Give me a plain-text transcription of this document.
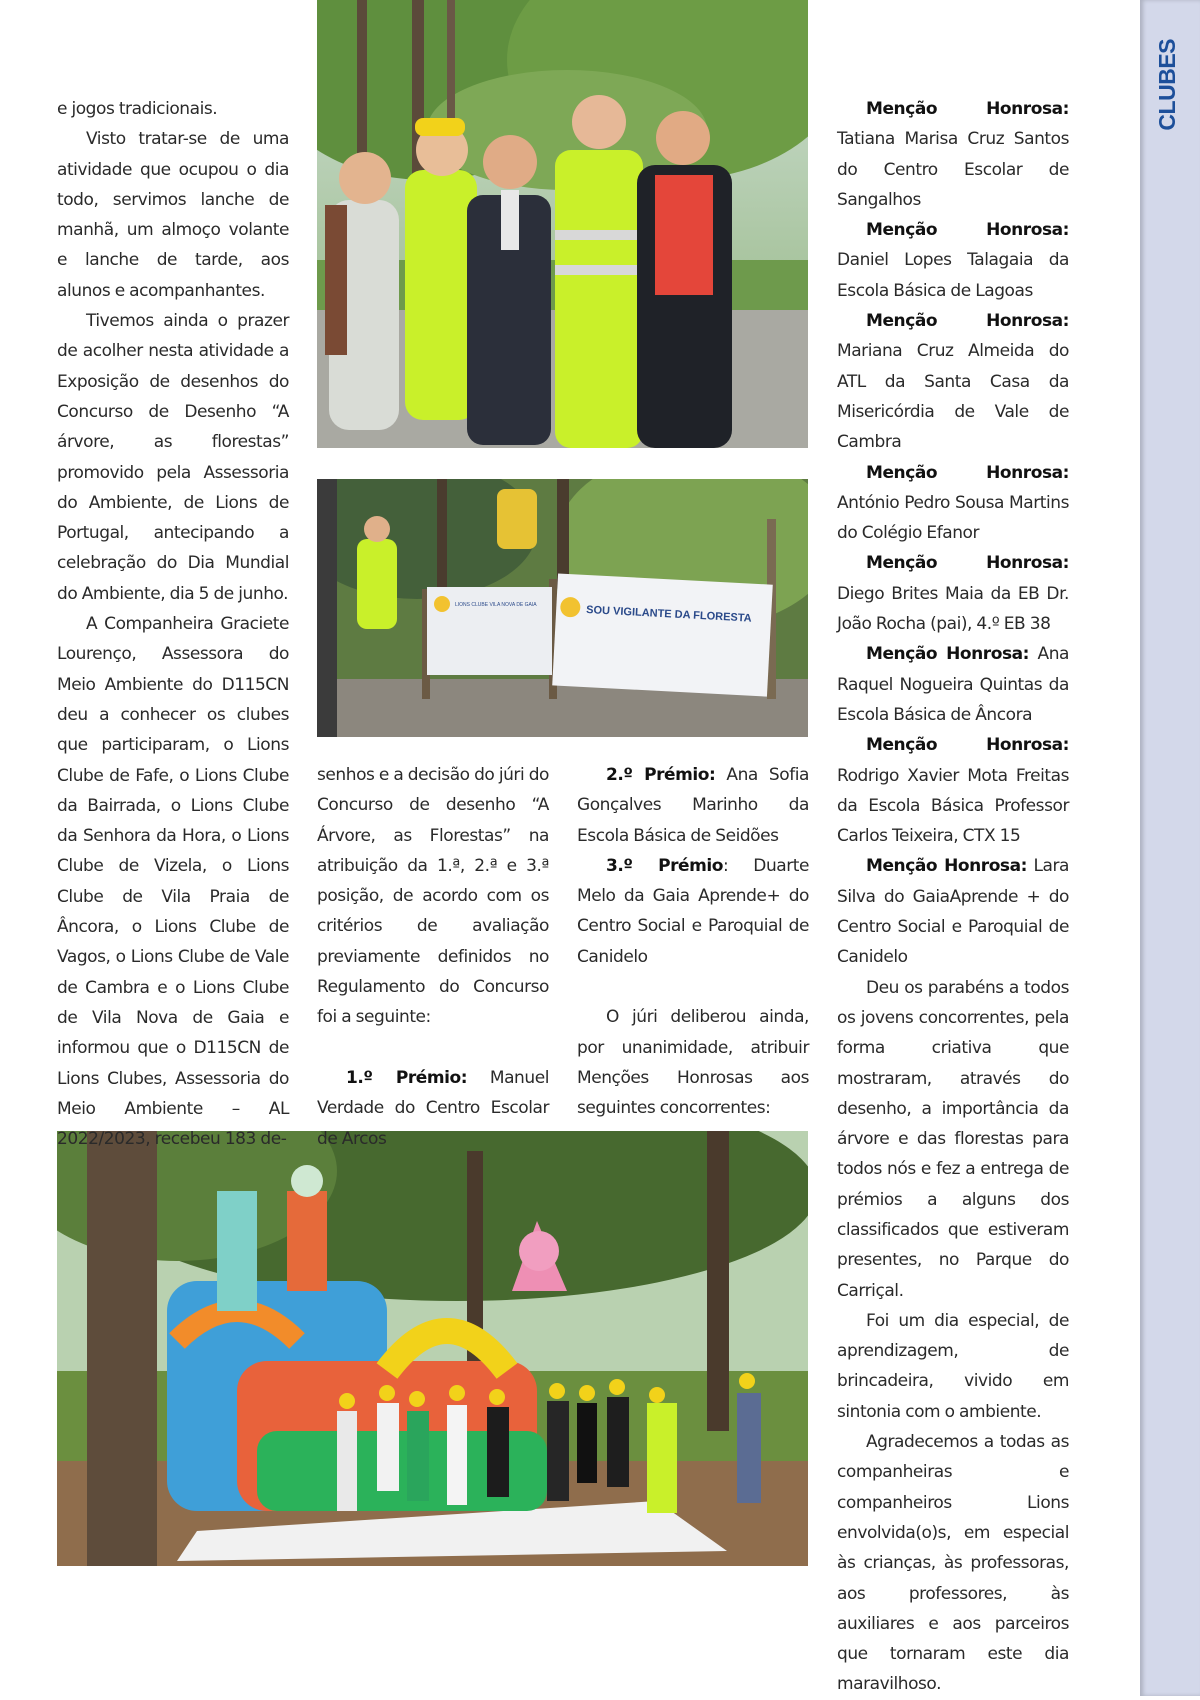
CLUBES
LIONS CLUBE VILA NOVA DE GAIA	SOU VIGILANTE DA FLORESTA

e jogos tradicionais.

Visto tratar-se de uma atividade que ocupou o dia todo, servimos lanche de manhã, um almoço volante e lanche de tarde, aos alunos e acompanhantes.

Tivemos ainda o prazer de acolher nesta atividade a Exposição de desenhos do Concurso de Desenho “A árvore, as florestas” promovido pela Assessoria do Ambiente, de Lions de Portugal, antecipando a celebração do Dia Mundial do Ambiente, dia 5 de junho.

A Companheira Graciete Lourenço, Assessora do Meio Ambiente do D115CN deu a conhecer os clubes que participaram, o Lions Clube de Fafe, o Lions Clube da Bairrada, o Lions Clube da Senhora da Hora, o Lions Clube de Vizela, o Lions Clube de Vila Praia de Âncora, o Lions Clube de Vagos, o Lions Clube de Vale de Cambra e o Lions Clube de Vila Nova de Gaia e informou que o D115CN de Lions Clubes, Assessoria do Meio Ambiente – AL 2022/2023, recebeu 183 de-

senhos e a decisão do júri do Concurso de desenho “A Árvore, as Florestas” na atribuição da 1.ª, 2.ª e 3.ª posição, de acordo com os critérios de avaliação previamente definidos no Regulamento do Concurso foi a seguinte:

1.º Prémio: Manuel Verdade do Centro Escolar de Arcos

2.º Prémio: Ana Sofia Gonçalves Marinho da Escola Básica de Seidões

3.º Prémio: Duarte Melo da Gaia Aprende+ do Centro Social e Paroquial de Canidelo

O júri deliberou ainda, por unanimidade, atribuir Menções Honrosas aos seguintes concorrentes:

Menção Honrosa: Tatiana Marisa Cruz Santos do Centro Escolar de Sangalhos

Menção Honrosa: Daniel Lopes Talagaia da Escola Básica de Lagoas

Menção Honrosa: Mariana Cruz Almeida do ATL da Santa Casa da Misericórdia de Vale de Cambra

Menção Honrosa: António Pedro Sousa Martins do Colégio Efanor

Menção Honrosa: Diego Brites Maia da EB Dr. João Rocha (pai), 4.º EB 38

Menção Honrosa: Ana Raquel Nogueira Quintas da Escola Básica de Âncora

Menção Honrosa: Rodrigo Xavier Mota Freitas da Escola Básica Professor Carlos Teixeira, CTX 15

Menção Honrosa: Lara Silva do GaiaAprende + do Centro Social e Paroquial de Canidelo

Deu os parabéns a todos os jovens concorrentes, pela forma criativa que mostraram, através do desenho, a importância da árvore e das florestas para todos nós e fez a entrega de prémios a alguns dos classificados que estiveram presentes, no Parque do Carriçal.

Foi um dia especial, de aprendizagem, de brincadeira, vivido em sintonia com o ambiente.

Agradecemos a todas as companheiras e companheiros Lions envolvida(o)s, em especial às crianças, às professoras, aos professores, às auxiliares e aos parceiros que tornaram este dia maravilhoso.
